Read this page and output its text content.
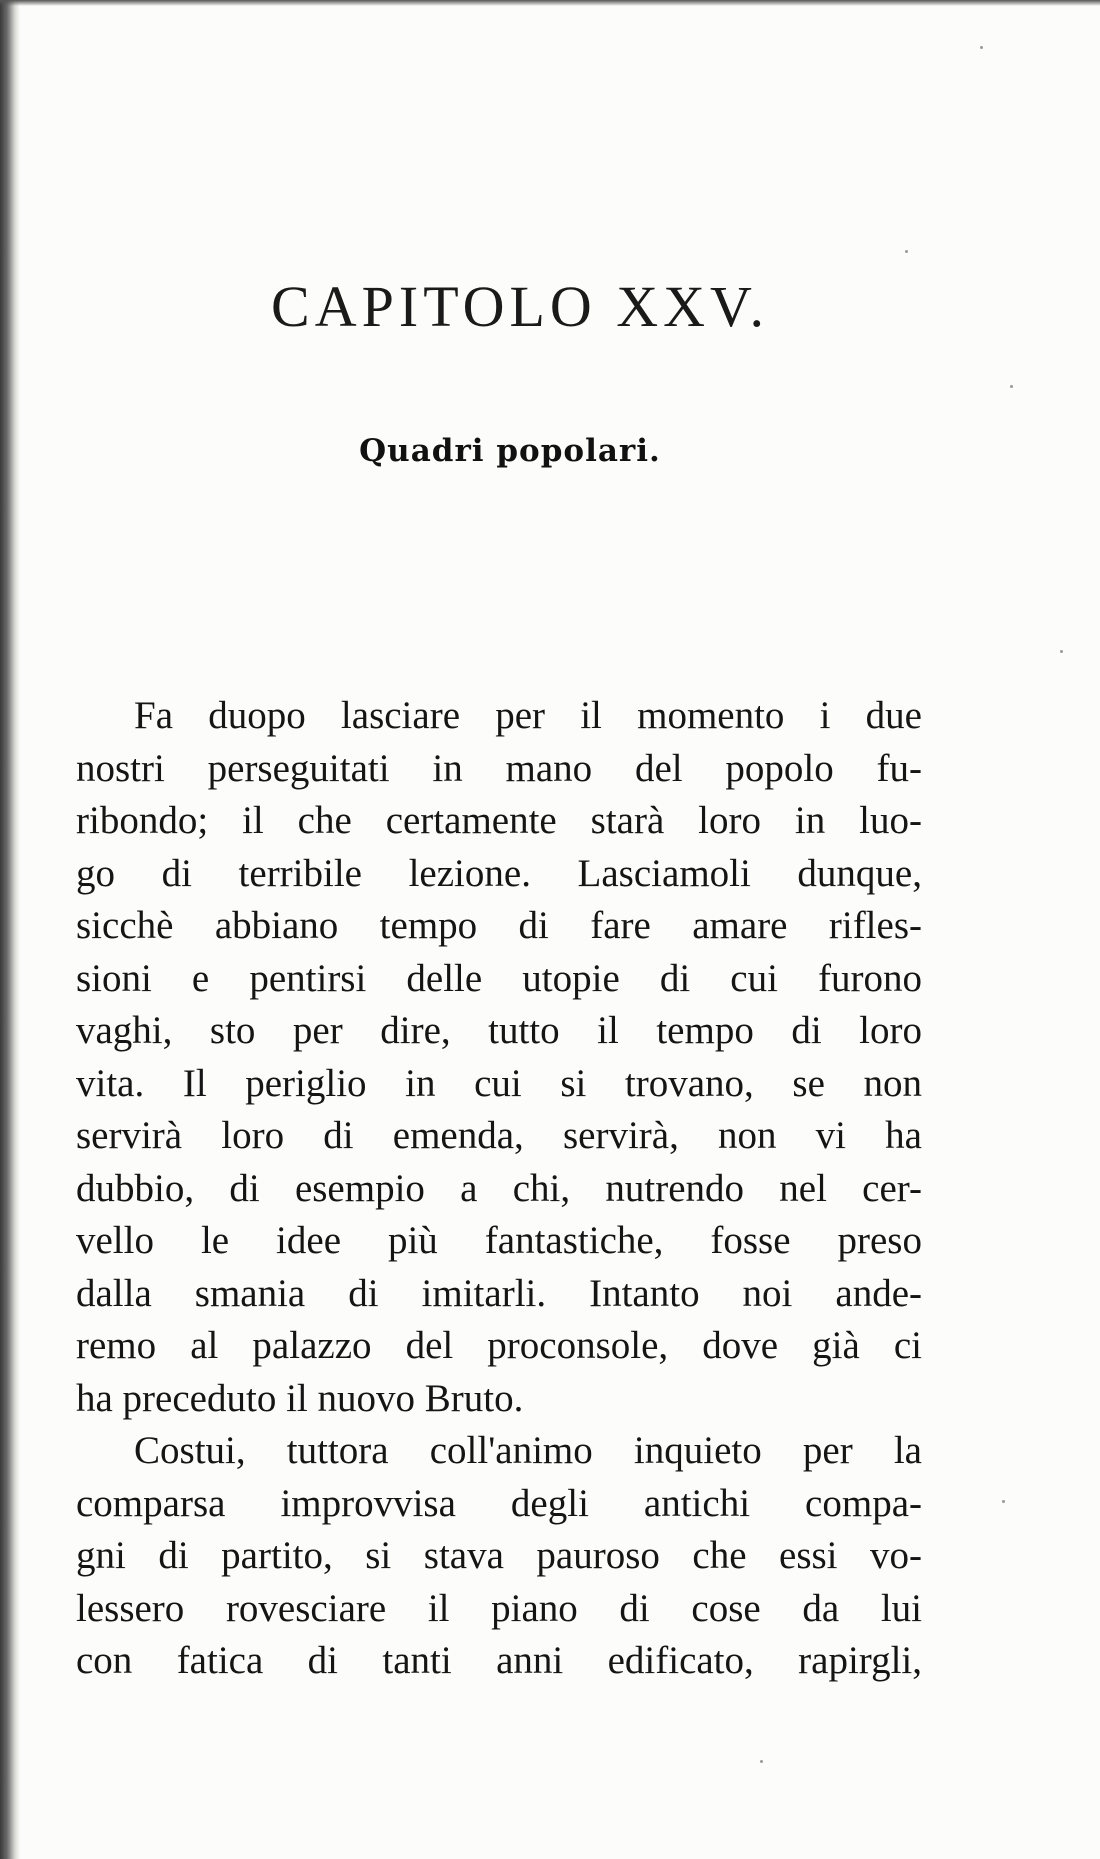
CAPITOLO XXV.
Quadri popolari.
Fa duopo lasciare per il momento i due
nostri perseguitati in mano del popolo fu-
ribondo; il che certamente starà loro in luo-
go di terribile lezione. Lasciamoli dunque,
sicchè abbiano tempo di fare amare rifles-
sioni e pentirsi delle utopie di cui furono
vaghi, sto per dire, tutto il tempo di loro
vita. Il periglio in cui si trovano, se non
servirà loro di emenda, servirà, non vi ha
dubbio, di esempio a chi, nutrendo nel cer-
vello le idee più fantastiche, fosse preso
dalla smania di imitarli. Intanto noi ande-
remo al palazzo del proconsole, dove già ci
ha preceduto il nuovo Bruto.
Costui, tuttora coll'animo inquieto per la
comparsa improvvisa degli antichi compa-
gni di partito, si stava pauroso che essi vo-
lessero rovesciare il piano di cose da lui
con fatica di tanti anni edificato, rapirgli,
